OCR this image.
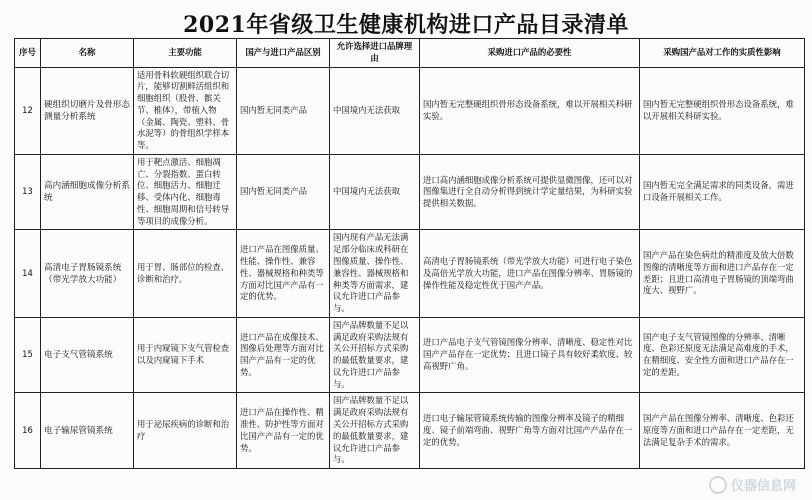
2021年省级卫生健康机构进口产品目录清单
序号	名称	主要功能	国产与进口产品区别	允许选择进口品牌理由	采购进口产品的必要性	采购国产品对工作的实质性影响
12	硬组织切磨片及骨形态测量分析系统	适用骨科软硬组织联合切片，能够切割鲜活组织和细胞组织（股骨、髌关节、椎体），带植入物（金属、陶瓷、塑料、骨水泥等）的骨组织学样本等。	国内暂无同类产品	中国境内无法获取	国内暂无完整硬组织骨形态设备系统，难以开展相关科研实验。	国内暂无完整硬组织骨形态设备系统，难以开展相关科研实验。
13	高内涵细胞成像分析系统	用于靶点激活、细胞凋亡、分裂指数、蛋白转位、细胞活力、细胞迁移、受体内化、细胞毒性、细胞周期和信号转导等项目的成像分析。	国内暂无同类产品	中国境内无法获取	进口高内涵细胞成像分析系统可提供显微图像，还可以对图像集进行全自动分析得到统计学定量结果，为科研实验提供相关数据。	国内暂无完全满足需求的同类设备，需进口设备开展相关工作。
14	高清电子胃肠镜系统（带光学放大功能）	用于胃、肠部位的检查、诊断和治疗。	进口产品在图像质量、性能、操作性、兼容性、器械规格和种类等方面对比国产产品有一定的优势。	国内现有产品无法满足部分临床或科研在图像质量、操作性、兼容性、器械规格和种类等方面需求，建议允许进口产品参与。	高清电子胃肠镜系统（带光学放大功能）可进行电子染色及高倍光学放大功能，进口产品在图像分辨率、胃肠镜的操作性能及稳定性优于国产产品。	国产产品在染色病灶的精准度及放大倍数图像的清晰度等方面和进口产品存在一定差距；且进口高清电子胃肠镜的顶端弯曲度大、视野广。
15	电子支气管镜系统	用于内窥镜下支气管检查以及内窥镜下手术	进口产品在成像技术、图像后处理等方面对比国产产品有一定的优势。	国产品牌数量不足以满足政府采购法规有关公开招标方式采购的最低数量要求，建议允许进口产品参与。	进口产品电子支气管镜图像分辨率、清晰度、稳定性对比国产产品存在一定优势；且进口镜子具有较好柔软度、较高视野广角。	国产电子支气管镜图像的分辨率、清晰度、色彩还原度无法满足高难度的手术，在精细度、安全性方面和进口产品存在一定的差距。
16	电子输尿管镜系统	用于泌尿疾病的诊断和治疗	进口产品在操作性、精准性、防护性等方面对比国产产品有一定的优势。	国产品牌数量不足以满足政府采购法规有关公开招标方式采购的最低数量要求，建议允许进口产品参与。	进口电子输尿管镜系统传输的图像分辨率及镜子的精细度、镜子前端弯曲、视野广角等方面对比国产产品存在一定的优势。	国产产品在图像分辨率、清晰度、色彩还原度等方面和进口产品存在一定差距，无法满足复杂手术的需求。
仪器信息网
